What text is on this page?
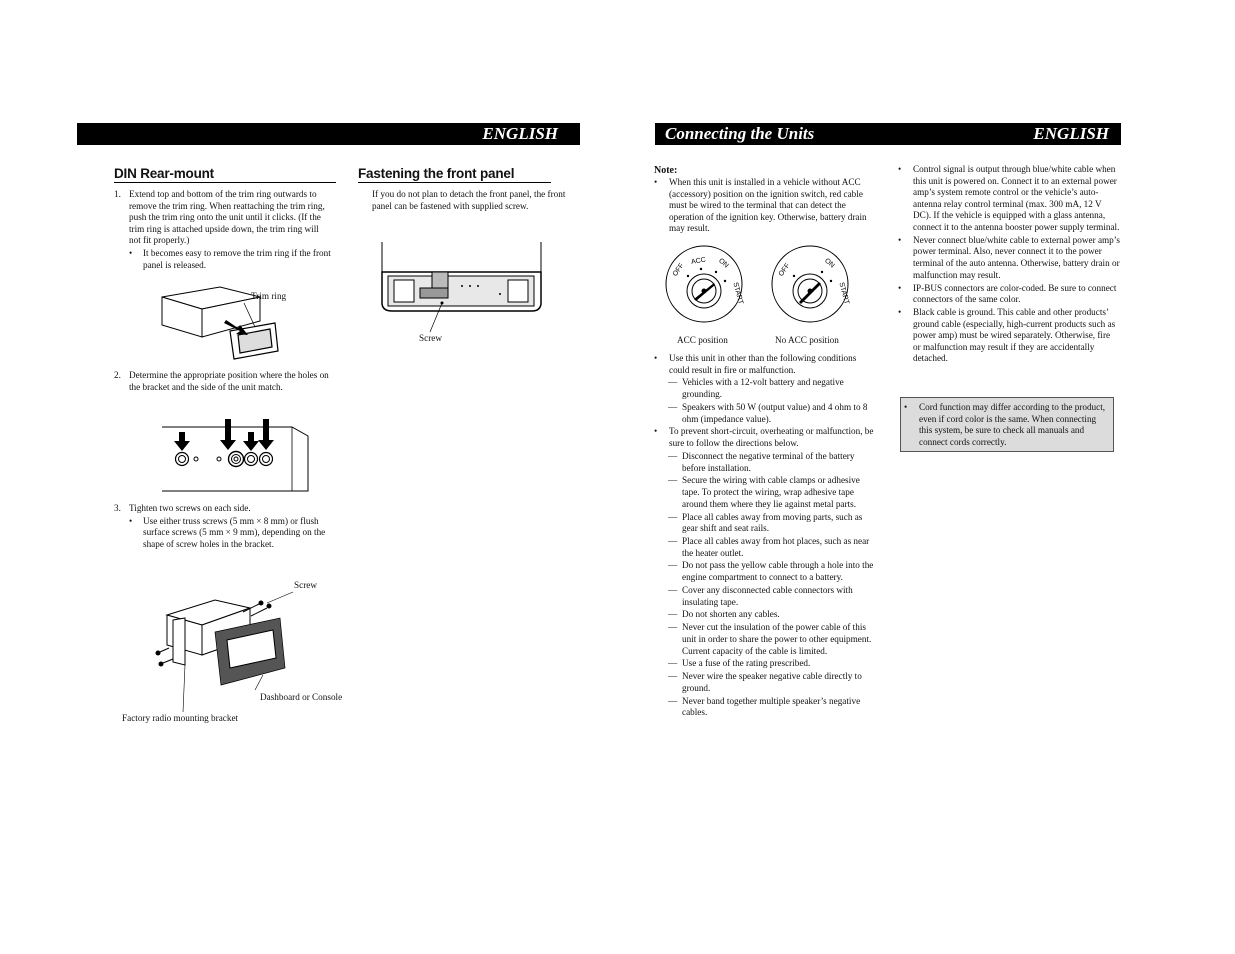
ENGLISH
DIN Rear-mount
1. Extend top and bottom of the trim ring outwards to remove the trim ring. When reattaching the trim ring, push the trim ring onto the unit until it clicks. (If the trim ring is attached upside down, the trim ring will not fit properly.)
• It becomes easy to remove the trim ring if the front panel is released.
Trim ring
2. Determine the appropriate position where the holes on the bracket and the side of the unit match.
3. Tighten two screws on each side.
• Use either truss screws (5 mm × 8 mm) or flush surface screws (5 mm × 9 mm), depending on the shape of screw holes in the bracket.
Screw
Dashboard or Console
Factory radio mounting bracket
Fastening the front panel
If you do not plan to detach the front panel, the front panel can be fastened with supplied screw.
Screw
Connecting the Units	ENGLISH
Note:
• When this unit is installed in a vehicle without ACC (accessory) position on the ignition switch, red cable must be wired to the terminal that can detect the operation of the ignition key. Otherwise, battery drain may result.
OFF
ACC ON
START
OFF	ON
START
ACC position	No ACC position
• Use this unit in other than the following conditions could result in fire or malfunction.
— Vehicles with a 12-volt battery and negative grounding.
— Speakers with 50 W (output value) and 4 ohm to 8 ohm (impedance value).
• To prevent short-circuit, overheating or malfunction, be sure to follow the directions below.
— Disconnect the negative terminal of the battery before installation.
— Secure the wiring with cable clamps or adhesive tape. To protect the wiring, wrap adhesive tape around them where they lie against metal parts.
— Place all cables away from moving parts, such as gear shift and seat rails.
— Place all cables away from hot places, such as near the heater outlet.
— Do not pass the yellow cable through a hole into the engine compartment to connect to a battery.
— Cover any disconnected cable connectors with insulating tape.
— Do not shorten any cables.
— Never cut the insulation of the power cable of this unit in order to share the power to other equipment. Current capacity of the cable is limited.
— Use a fuse of the rating prescribed.
— Never wire the speaker negative cable directly to ground.
— Never band together multiple speaker’s negative cables.
• Control signal is output through blue/white cable when this unit is powered on. Connect it to an external power amp’s system remote control or the vehicle’s auto-antenna relay control terminal (max. 300 mA, 12 V DC). If the vehicle is equipped with a glass antenna, connect it to the antenna booster power supply terminal.
• Never connect blue/white cable to external power amp’s power terminal. Also, never connect it to the power terminal of the auto antenna. Otherwise, battery drain or malfunction may result.
• IP-BUS connectors are color-coded. Be sure to connect connectors of the same color.
• Black cable is ground. This cable and other products’ ground cable (especially, high-current products such as power amp) must be wired separately. Otherwise, fire or malfunction may result if they are accidentally detached.
• Cord function may differ according to the product, even if cord color is the same. When connecting this system, be sure to check all manuals and connect cords correctly.
